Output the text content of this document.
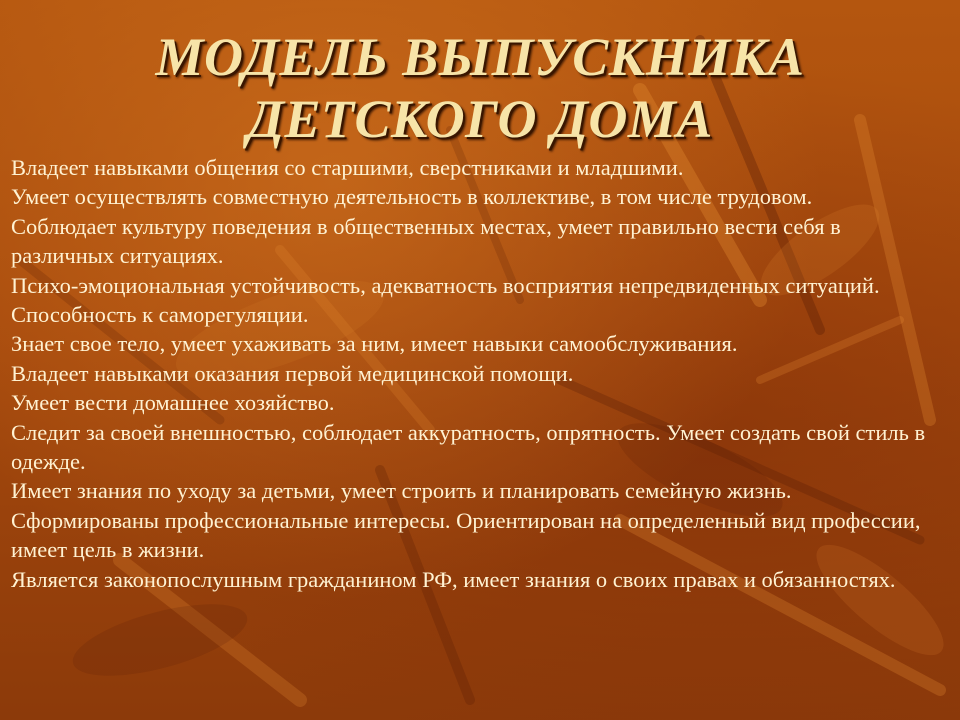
МОДЕЛЬ ВЫПУСКНИКА
ДЕТСКОГО ДОМА
Владеет навыками общения со старшими, сверстниками и младшими.
Умеет осуществлять совместную деятельность в коллективе, в том числе трудовом.
Соблюдает культуру поведения в общественных местах, умеет правильно вести себя в различных ситуациях.
Психо-эмоциональная устойчивость, адекватность восприятия непредвиденных ситуаций. Способность к саморегуляции.
Знает свое тело, умеет ухаживать за ним, имеет навыки самообслуживания.
Владеет навыками оказания первой медицинской помощи.
Умеет вести домашнее хозяйство.
Следит за своей внешностью, соблюдает аккуратность, опрятность. Умеет создать свой стиль в одежде.
Имеет знания по уходу за детьми, умеет строить и планировать семейную жизнь.
Сформированы профессиональные интересы. Ориентирован на определенный вид профессии, имеет цель в жизни.
Является законопослушным гражданином РФ, имеет знания о своих правах и обязанностях.
